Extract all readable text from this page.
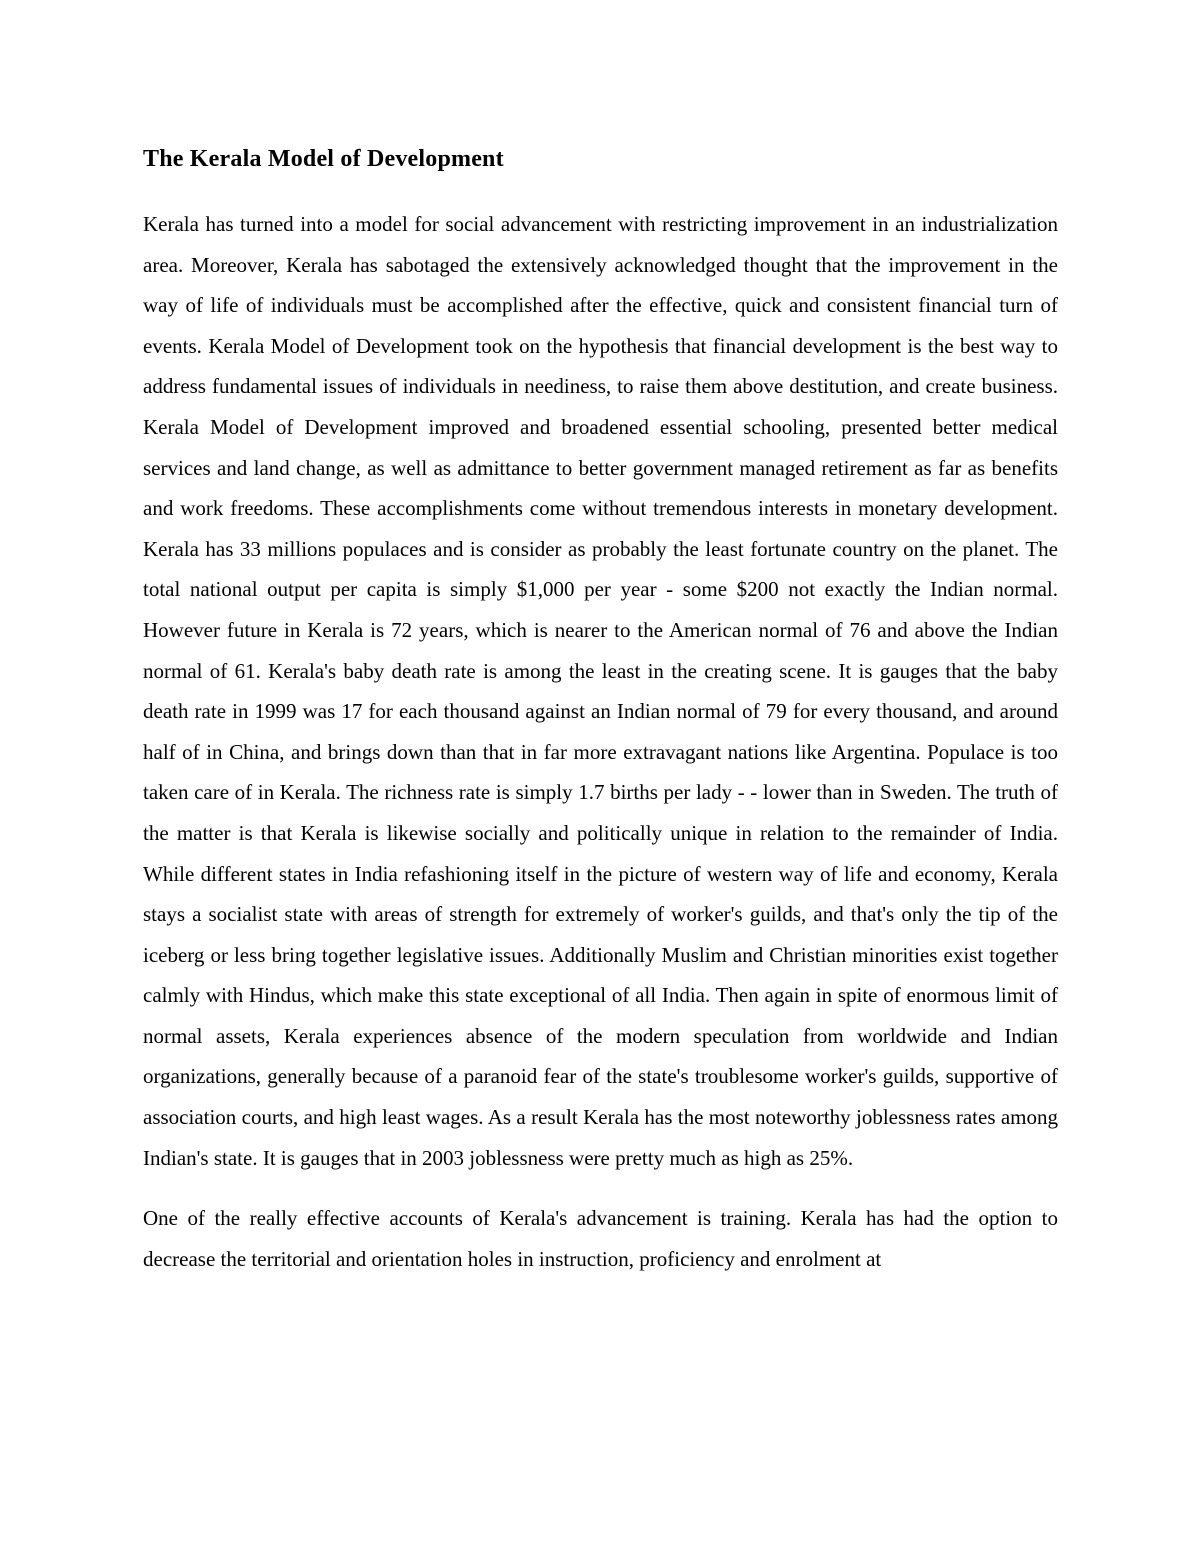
The Kerala Model of Development

Kerala has turned into a model for social advancement with restricting improvement in an industrialization area. Moreover, Kerala has sabotaged the extensively acknowledged thought that the improvement in the way of life of individuals must be accomplished after the effective, quick and consistent financial turn of events. Kerala Model of Development took on the hypothesis that financial development is the best way to address fundamental issues of individuals in neediness, to raise them above destitution, and create business. Kerala Model of Development improved and broadened essential schooling, presented better medical services and land change, as well as admittance to better government managed retirement as far as benefits and work freedoms. These accomplishments come without tremendous interests in monetary development. Kerala has 33 millions populaces and is consider as probably the least fortunate country on the planet. The total national output per capita is simply $1,000 per year - some $200 not exactly the Indian normal. However future in Kerala is 72 years, which is nearer to the American normal of 76 and above the Indian normal of 61. Kerala's baby death rate is among the least in the creating scene. It is gauges that the baby death rate in 1999 was 17 for each thousand against an Indian normal of 79 for every thousand, and around half of in China, and brings down than that in far more extravagant nations like Argentina. Populace is too taken care of in Kerala. The richness rate is simply 1.7 births per lady - - lower than in Sweden. The truth of the matter is that Kerala is likewise socially and politically unique in relation to the remainder of India. While different states in India refashioning itself in the picture of western way of life and economy, Kerala stays a socialist state with areas of strength for extremely of worker's guilds, and that's only the tip of the iceberg or less bring together legislative issues. Additionally Muslim and Christian minorities exist together calmly with Hindus, which make this state exceptional of all India. Then again in spite of enormous limit of normal assets, Kerala experiences absence of the modern speculation from worldwide and Indian organizations, generally because of a paranoid fear of the state's troublesome worker's guilds, supportive of association courts, and high least wages. As a result Kerala has the most noteworthy joblessness rates among Indian's state. It is gauges that in 2003 joblessness were pretty much as high as 25%.

One of the really effective accounts of Kerala's advancement is training. Kerala has had the option to decrease the territorial and orientation holes in instruction, proficiency and enrolment at
